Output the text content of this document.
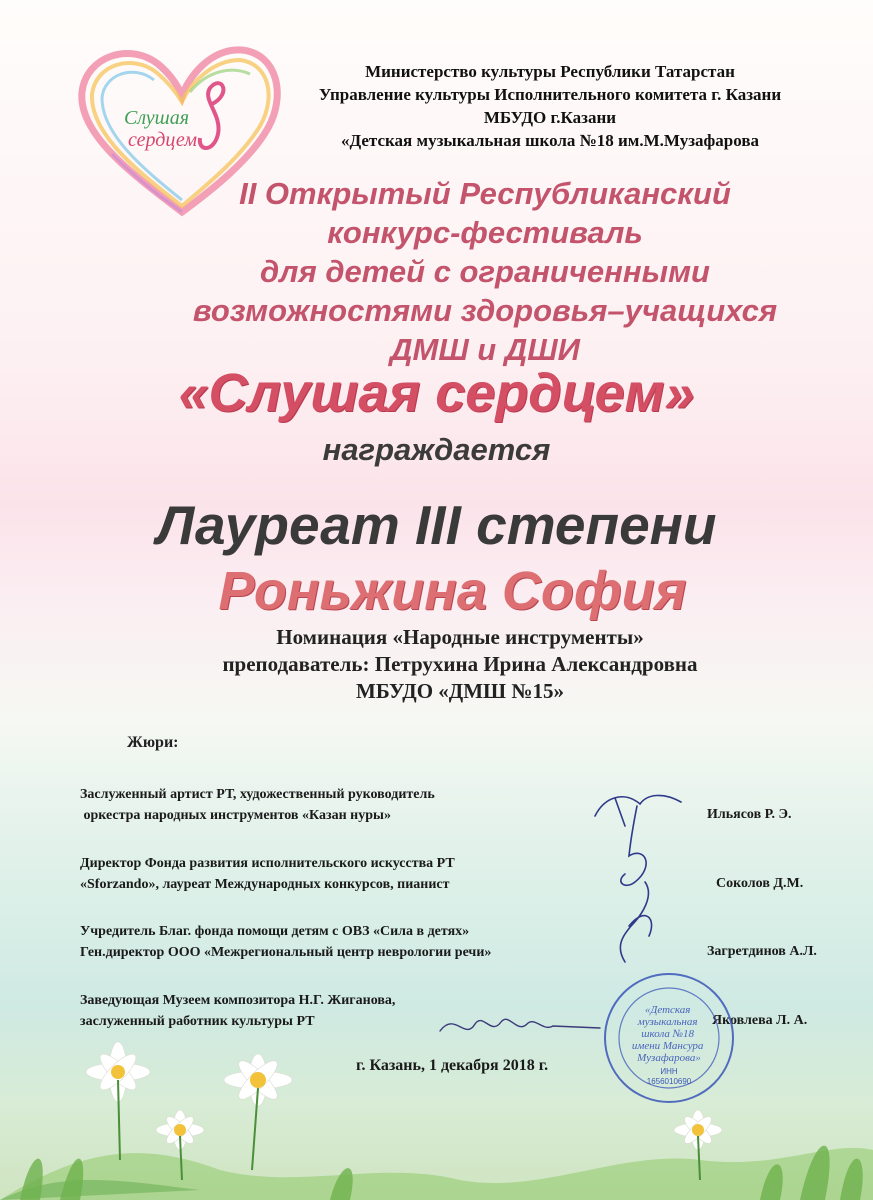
Слушая
сердцем
Министерство культуры Республики Татарстан
Управление культуры Исполнительного комитета г. Казани
МБУДО г.Казани
«Детская музыкальная школа №18 им.М.Музафарова
II Открытый Республиканский
конкурс-фестиваль
для детей с ограниченными
возможностями здоровья–учащихся
ДМШ и ДШИ
«Слушая сердцем»
награждается
Лауреат III степени
Роньжина София
Номинация «Народные инструменты»
преподаватель: Петрухина Ирина Александровна
МБУДО «ДМШ №15»
Жюри:
Заслуженный артист РТ, художественный руководитель
оркестра народных инструментов «Казан нуры»	Ильясов Р. Э.
Директор Фонда развития исполнительского искусства РТ
«Sforzando», лауреат Международных конкурсов, пианист	Соколов Д.М.
Учредитель Благ. фонда помощи детям с ОВЗ «Сила в детях»
Ген.директор ООО «Межрегиональный центр неврологии речи»	Загретдинов А.Л.
Заведующая Музеем композитора Н.Г. Жиганова,
заслуженный работник культуры РТ	Яковлева Л. А.
г. Казань, 1 декабря 2018 г.
«Детская музыкальная школа №18 имени Мансура Музафарова»
ИНН
1656010690
